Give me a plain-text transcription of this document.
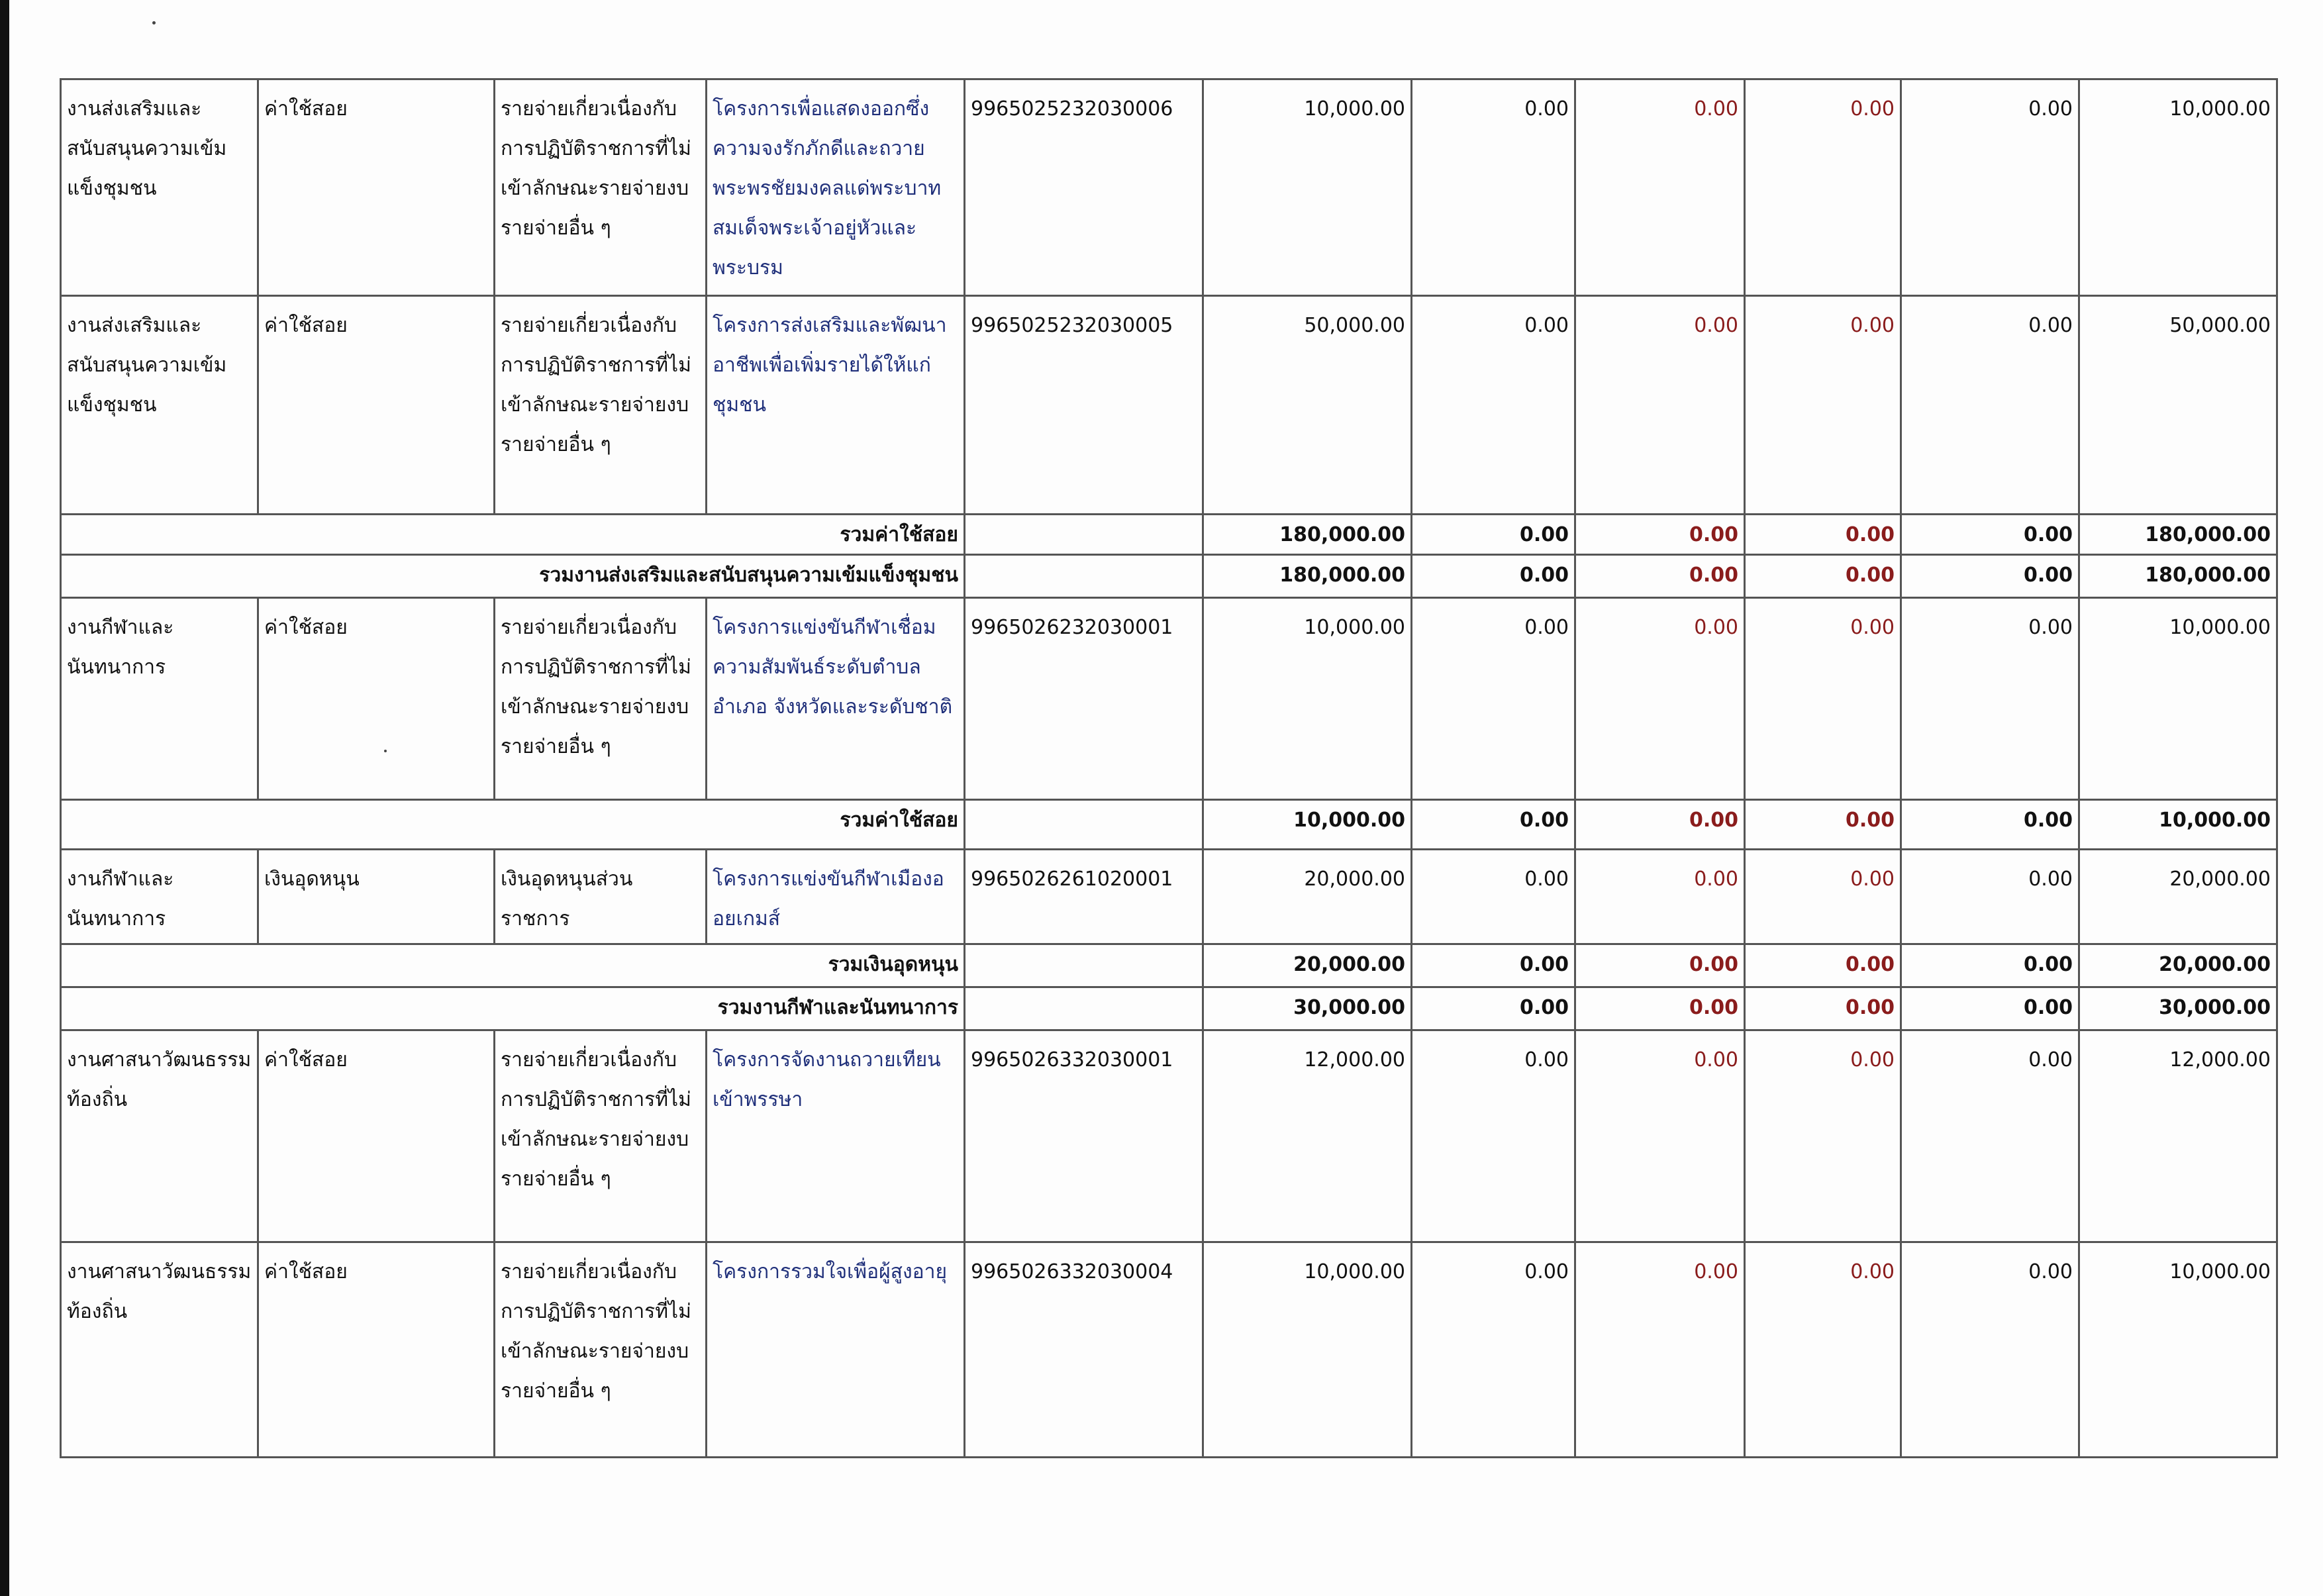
งานส่งเสริมและสนับสนุนความเข้มแข็งชุมชน	ค่าใช้สอย	รายจ่ายเกี่ยวเนื่องกับการปฏิบัติราชการที่ไม่เข้าลักษณะรายจ่ายงบรายจ่ายอื่น ๆ	โครงการเพื่อแสดงออกซึ่งความจงรักภักดีและถวายพระพรชัยมงคลแด่พระบาทสมเด็จพระเจ้าอยู่หัวและพระบรม	9965025232030006	10,000.00	0.00	0.00	0.00	0.00	10,000.00
งานส่งเสริมและสนับสนุนความเข้มแข็งชุมชน	ค่าใช้สอย	รายจ่ายเกี่ยวเนื่องกับการปฏิบัติราชการที่ไม่เข้าลักษณะรายจ่ายงบรายจ่ายอื่น ๆ	โครงการส่งเสริมและพัฒนาอาชีพเพื่อเพิ่มรายได้ให้แก่ชุมชน	9965025232030005	50,000.00	0.00	0.00	0.00	0.00	50,000.00
รวมค่าใช้สอย					180,000.00	0.00	0.00	0.00	0.00	180,000.00
รวมงานส่งเสริมและสนับสนุนความเข้มแข็งชุมชน					180,000.00	0.00	0.00	0.00	0.00	180,000.00
งานกีฬาและนันทนาการ	ค่าใช้สอย	รายจ่ายเกี่ยวเนื่องกับการปฏิบัติราชการที่ไม่เข้าลักษณะรายจ่ายงบรายจ่ายอื่น ๆ	โครงการแข่งขันกีฬาเชื่อมความสัมพันธ์ระดับตำบล อำเภอ จังหวัดและระดับชาติ	9965026232030001	10,000.00	0.00	0.00	0.00	0.00	10,000.00
รวมค่าใช้สอย					10,000.00	0.00	0.00	0.00	0.00	10,000.00
งานกีฬาและนันทนาการ	เงินอุดหนุน	เงินอุดหนุนส่วนราชการ	โครงการแข่งขันกีฬาเมืองออยเกมส์	9965026261020001	20,000.00	0.00	0.00	0.00	0.00	20,000.00
รวมเงินอุดหนุน					20,000.00	0.00	0.00	0.00	0.00	20,000.00
รวมงานกีฬาและนันทนาการ					30,000.00	0.00	0.00	0.00	0.00	30,000.00
งานศาสนาวัฒนธรรมท้องถิ่น	ค่าใช้สอย	รายจ่ายเกี่ยวเนื่องกับการปฏิบัติราชการที่ไม่เข้าลักษณะรายจ่ายงบรายจ่ายอื่น ๆ	โครงการจัดงานถวายเทียนเข้าพรรษา	9965026332030001	12,000.00	0.00	0.00	0.00	0.00	12,000.00
งานศาสนาวัฒนธรรมท้องถิ่น	ค่าใช้สอย	รายจ่ายเกี่ยวเนื่องกับการปฏิบัติราชการที่ไม่เข้าลักษณะรายจ่ายงบรายจ่ายอื่น ๆ	โครงการรวมใจเพื่อผู้สูงอายุ	9965026332030004	10,000.00	0.00	0.00	0.00	0.00	10,000.00
